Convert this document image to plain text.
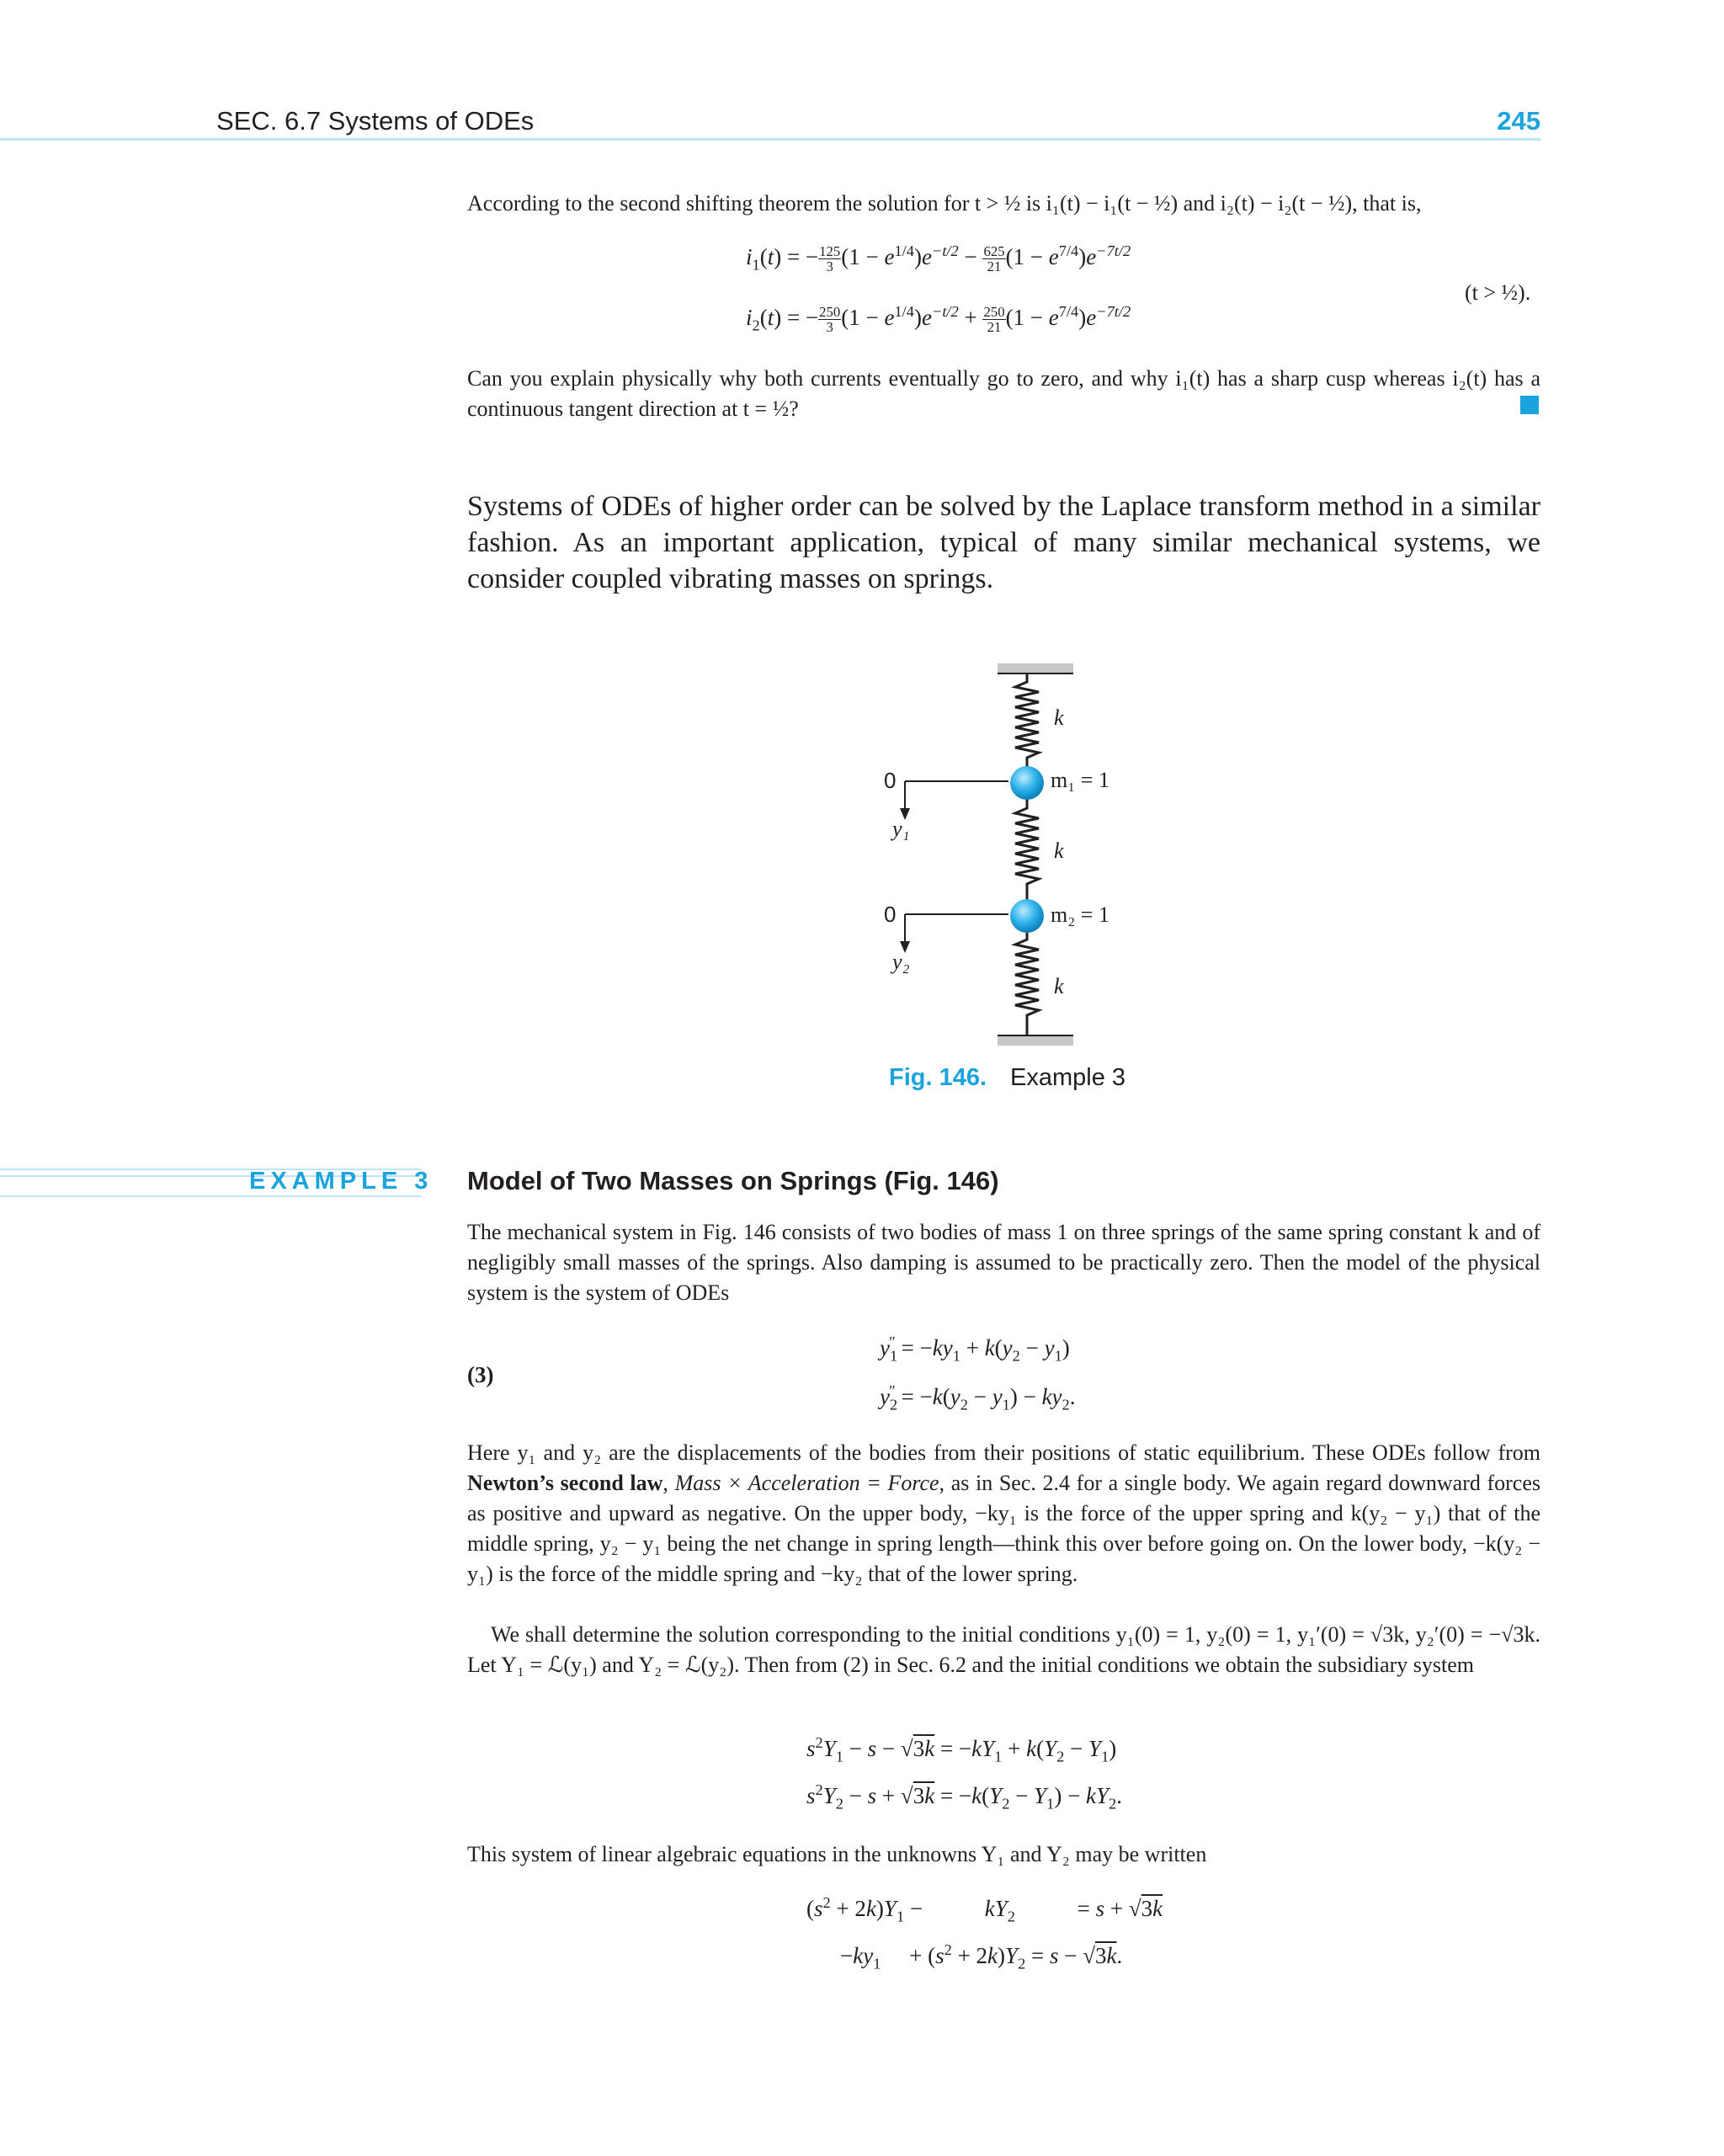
SEC. 6.7 Systems of ODEs	245
According to the second shifting theorem the solution for t > ½ is i₁(t) − i₁(t − ½) and i₂(t) − i₂(t − ½), that is,
$i_1(t)$ = − $\frac{125}{3} (1 - e^{1/4})e^{-t/2} - \frac{625}{21} (1 - e^{7/4})e^{-7t/2}$
$i_2(t)$ = − $\frac{250}{3} (1 - e^{1/4})e^{-t/2} + \frac{250}{21} (1 - e^{7/4})e^{-7t/2}$
(t > ½).
Can you explain physically why both currents eventually go to zero, and why i₁(t) has a sharp cusp whereas i₂(t) has a continuous tangent direction at t = ½?
Systems of ODEs of higher order can be solved by the Laplace transform method in a similar fashion. As an important application, typical of many similar mechanical systems, we consider coupled vibrating masses on springs.
k
m₁ = 1
k
m₂ = 1
k
0
0
y₁
y₂
Fig. 146. Example 3
EXAMPLE 3 Model of Two Masses on Springs (Fig. 146)
The mechanical system in Fig. 146 consists of two bodies of mass 1 on three springs of the same spring constant k and of negligibly small masses of the springs. Also damping is assumed to be practically zero. Then the model of the physical system is the system of ODEs
(3)
$y_1'' = -ky_1 + k(y_2 - y_1)$
$y_2'' = -k(y_2 - y_1) - ky_2$.
Here y₁ and y₂ are the displacements of the bodies from their positions of static equilibrium. These ODEs follow from Newton’s second law, Mass × Acceleration = Force, as in Sec. 2.4 for a single body. We again regard downward forces as positive and upward as negative. On the upper body, −ky₁ is the force of the upper spring and k(y₂ − y₁) that of the middle spring, y₂ − y₁ being the net change in spring length—think this over before going on. On the lower body, −k(y₂ − y₁) is the force of the middle spring and −ky₂ that of the lower spring.
We shall determine the solution corresponding to the initial conditions y₁(0) = 1, y₂(0) = 1, y₁′(0) = √3k, y₂′(0) = −√3k. Let Y₁ = ℒ(y₁) and Y₂ = ℒ(y₂). Then from (2) in Sec. 6.2 and the initial conditions we obtain the subsidiary system
$s^2Y_1 - s - √3k = -kY_1 + k(Y_2 - Y_1)$
$s^2Y_2 - s + √3k = -k(Y_2 - Y_1) - kY_2$.
This system of linear algebraic equations in the unknowns Y₁ and Y₂ may be written
$(s^2 + 2k)Y_1 - kY_2 = s + √3k$
$-ky_1$     + $(s^2 + 2k)Y_2 = s - √3k$.
